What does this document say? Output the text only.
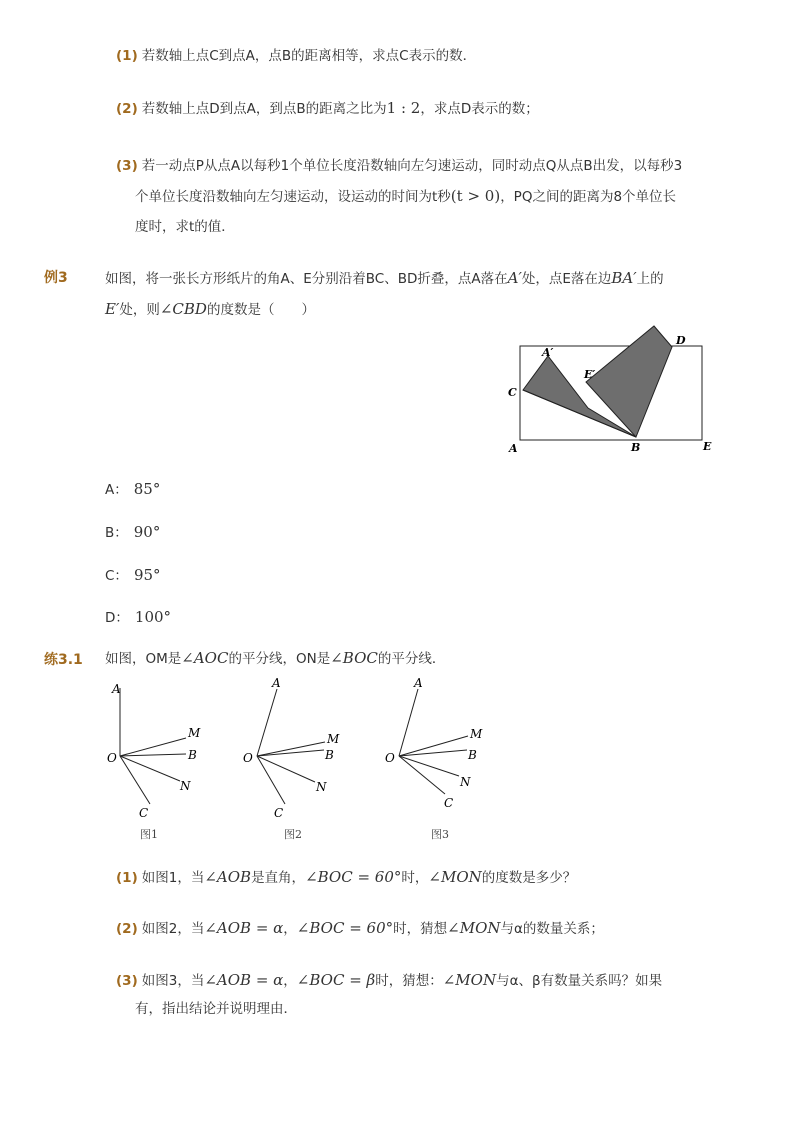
(1) 若数轴上点C到点A，点B的距离相等，求点C表示的数．
(2) 若数轴上点D到点A，到点B的距离之比为1 : 2，求点D表示的数；
(3) 若一动点P从点A以每秒1个单位长度沿数轴向左匀速运动，同时动点Q从点B出发，以每秒3
个单位长度沿数轴向左匀速运动，设运动的时间为t秒(t > 0)，PQ之间的距离为8个单位长
度时，求t的值．
例3	如图，将一张长方形纸片的角A、E分别沿着BC、BD折叠，点A落在A′处，点E落在边BA′上的
E′处，则∠CBD的度数是（　　）
C
A′
E′
D
A	B	E
A： 85°
B： 90°
C： 95°
D： 100°
练3.1 如图，OM是∠AOC的平分线，ON是∠BOC的平分线．
A
O
M
B
N
C
图1
A
O
M
B
N
C
图2
A
O
M
B
N
C
图3
(1) 如图1，当∠AOB是直角，∠BOC = 60°时，∠MON的度数是多少？
(2) 如图2，当∠AOB = α，∠BOC = 60°时，猜想∠MON与α的数量关系；
(3) 如图3，当∠AOB = α，∠BOC = β时，猜想：∠MON与α、β有数量关系吗？如果
有，指出结论并说明理由．
